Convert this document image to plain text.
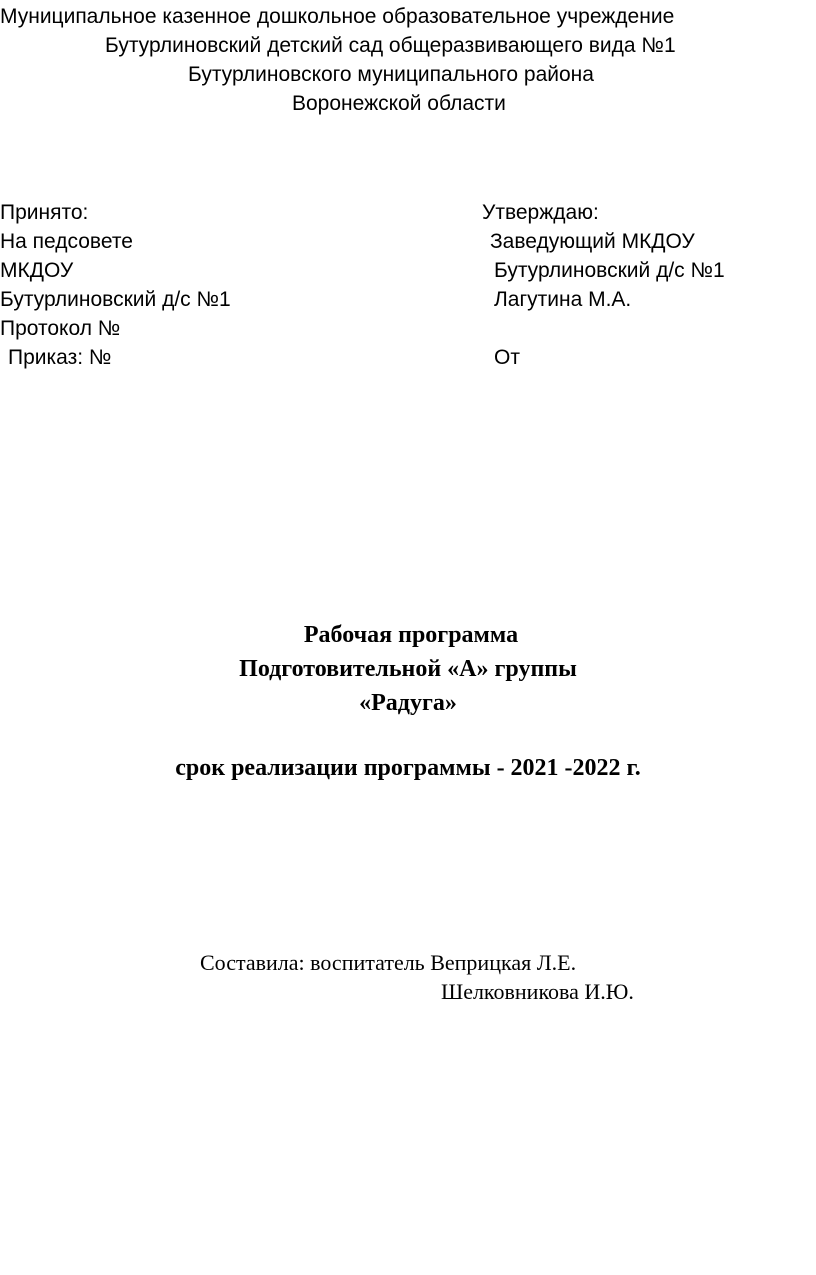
Муниципальное казенное дошкольное образовательное учреждение
Бутурлиновский детский сад общеразвивающего вида №1
Бутурлиновского муниципального района
Воронежской области
Принято:
На педсовете
МКДОУ
Бутурлиновский д/с №1
Протокол №
Приказ: №
Утверждаю:
Заведующий МКДОУ
Бутурлиновский д/с №1
Лагутина М.А.

От
Рабочая программа
Подготовительной «А» группы
«Радуга»
срок реализации программы - 2021 -2022 г.
Составила: воспитатель Веприцкая Л.Е.
Шелковникова И.Ю.
